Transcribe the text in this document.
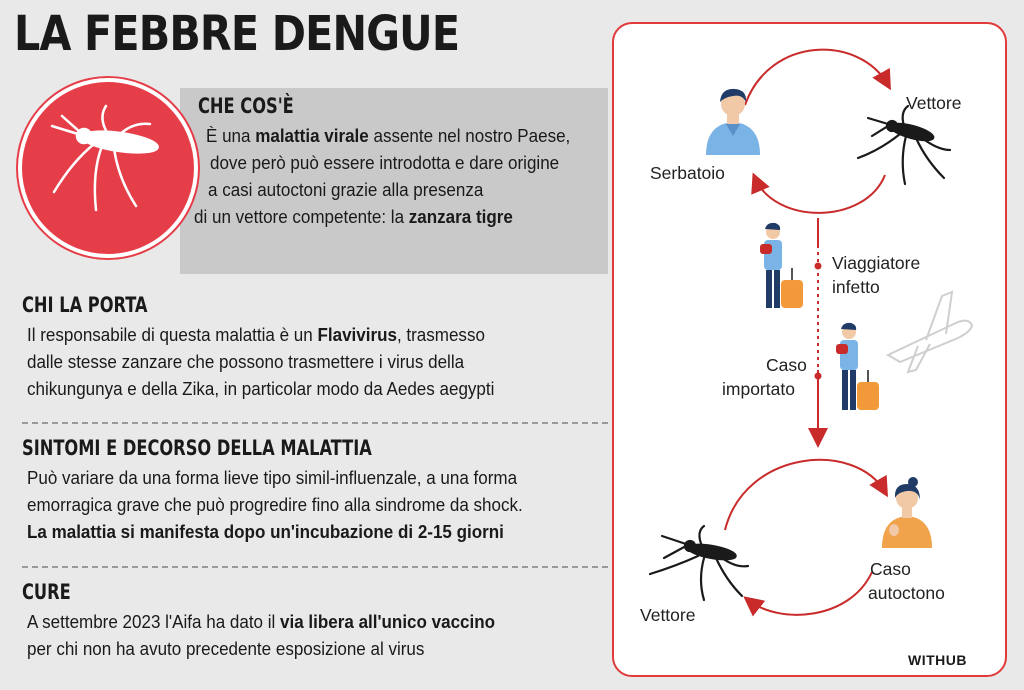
LA FEBBRE DENGUE
CHE COS'È
È una malattia virale assente nel nostro Paese,
dove però può essere introdotta e dare origine
a casi autoctoni grazie alla presenza
di un vettore competente: la zanzara tigre
CHI LA PORTA
Il responsabile di questa malattia è un Flavivirus, trasmesso
dalle stesse zanzare che possono trasmettere i virus della
chikungunya e della Zika, in particolar modo da Aedes aegypti
SINTOMI E DECORSO DELLA MALATTIA
Può variare da una forma lieve tipo simil-influenzale, a una forma
emorragica grave che può progredire fino alla sindrome da shock.
La malattia si manifesta dopo un'incubazione di 2-15 giorni
CURE
A settembre 2023 l'Aifa ha dato il via libera all'unico vaccino
per chi non ha avuto precedente esposizione al virus
Serbatoio
Vettore
Viaggiatore
infetto
Caso
importato
Vettore
Caso
autoctono
WITHUB
